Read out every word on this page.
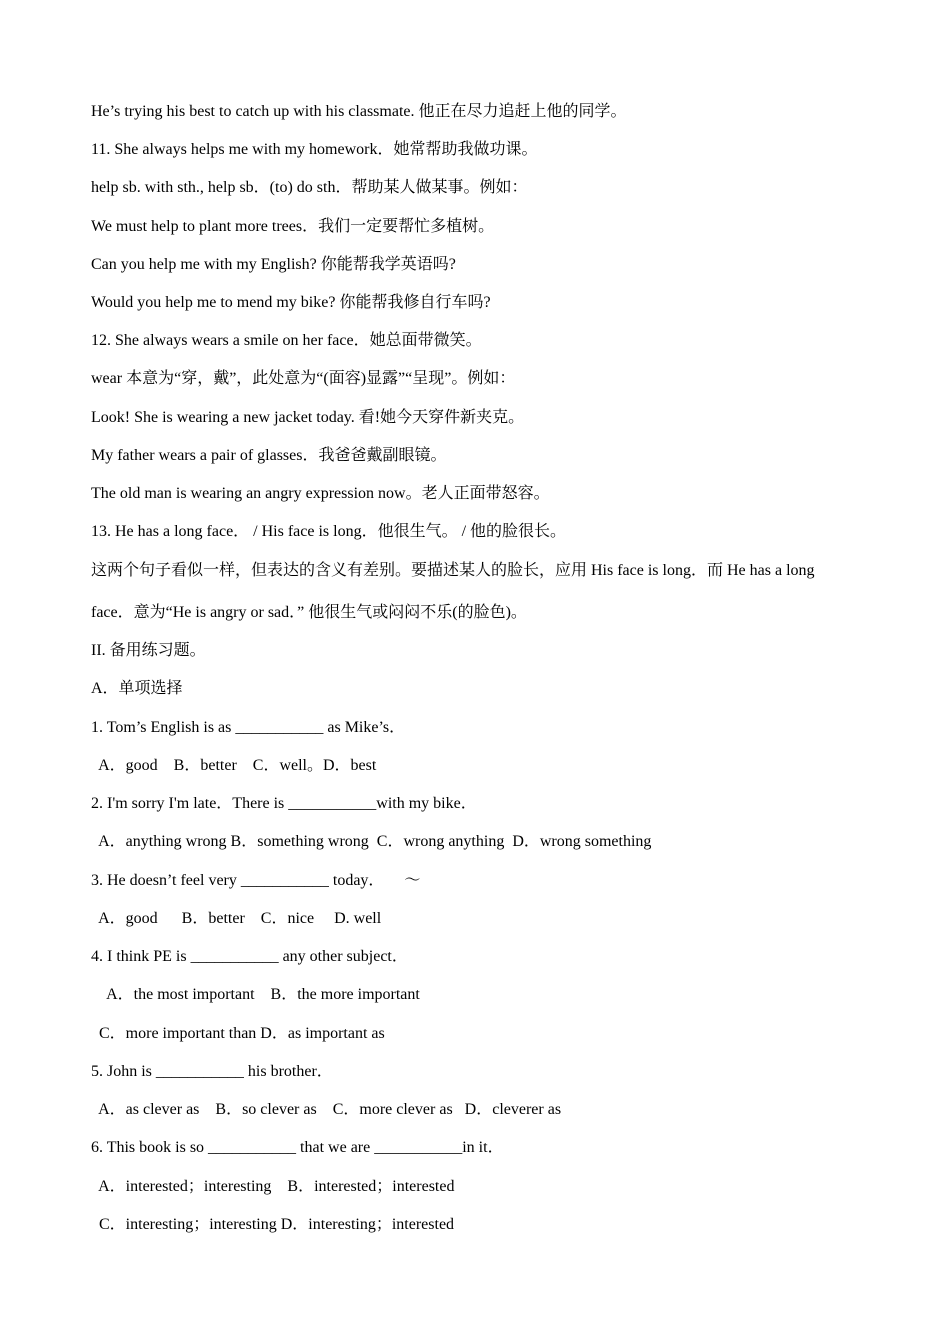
He’s trying his best to catch up with his classmate. 他正在尽力追赶上他的同学。
11. She always helps me with my homework．她常帮助我做功课。
help sb. with sth., help sb．(to) do sth．帮助某人做某事。例如：
We must help to plant more trees．我们一定要帮忙多植树。
Can you help me with my English? 你能帮我学英语吗?
Would you help me to mend my bike? 你能帮我修自行车吗?
12. She always wears a smile on her face．她总面带微笑。
wear 本意为“穿，戴”，此处意为“(面容)显露”“呈现”。例如：
Look! She is wearing a new jacket today. 看!她今天穿件新夹克。
My father wears a pair of glasses．我爸爸戴副眼镜。
The old man is wearing an angry expression now。老人正面带怒容。
13. He has a long face． / His face is long．他很生气。 / 他的脸很长。
这两个句子看似一样，但表达的含义有差别。要描述某人的脸长，应用 His face is long．而 He has a long
face．意为“He is angry or sad．” 他很生气或闷闷不乐(的脸色)。
II. 备用练习题。
A．单项选择
1. Tom’s English is as ___________ as Mike’s．
A．good    B．better    C．well。D．best
2. I'm sorry I'm late．There is ___________with my bike．
A．anything wrong B．something wrong  C．wrong anything  D．wrong something
3. He doesn’t feel very ___________ today．     ～
A．good      B．better    C．nice     D. well
4. I think PE is ___________ any other subject．
A．the most important    B．the more important
C．more important than D．as important as
5. John is ___________ his brother．
A．as clever as    B．so clever as    C．more clever as   D．cleverer as
6. This book is so ___________ that we are ___________in it．
A．interested；interesting    B．interested；interested
C．interesting；interesting D．interesting；interested
